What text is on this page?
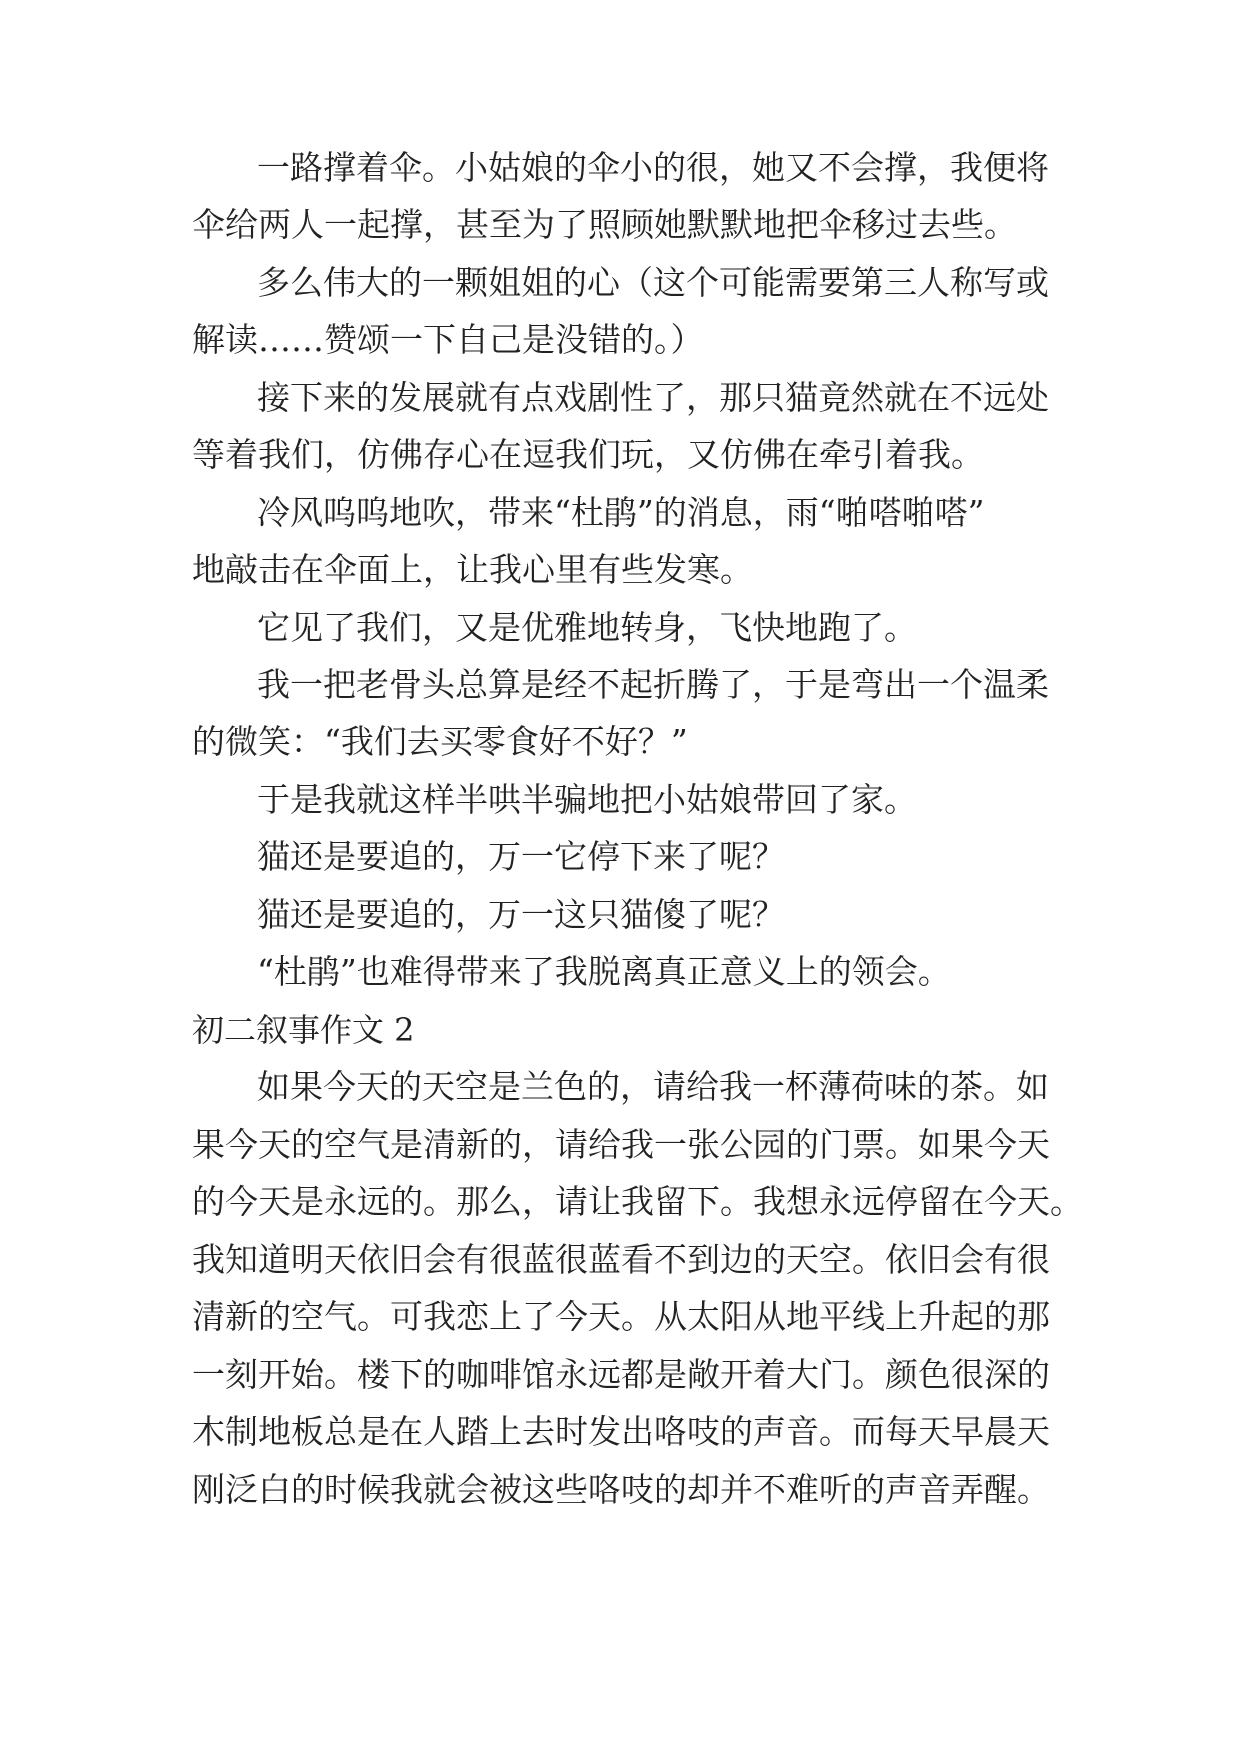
一路撑着伞。小姑娘的伞小的很，她又不会撑，我便将
伞给两人一起撑，甚至为了照顾她默默地把伞移过去些。
多么伟大的一颗姐姐的心（这个可能需要第三人称写或
解读……赞颂一下自己是没错的。）
接下来的发展就有点戏剧性了，那只猫竟然就在不远处
等着我们，仿佛存心在逗我们玩，又仿佛在牵引着我。
冷风呜呜地吹，带来“杜鹃”的消息，雨“啪嗒啪嗒”
地敲击在伞面上，让我心里有些发寒。
它见了我们，又是优雅地转身，飞快地跑了。
我一把老骨头总算是经不起折腾了，于是弯出一个温柔
的微笑：“我们去买零食好不好？”
于是我就这样半哄半骗地把小姑娘带回了家。
猫还是要追的，万一它停下来了呢？
猫还是要追的，万一这只猫傻了呢？
“杜鹃”也难得带来了我脱离真正意义上的领会。
初二叙事作文 2
如果今天的天空是兰色的，请给我一杯薄荷味的茶。如
果今天的空气是清新的，请给我一张公园的门票。如果今天
的今天是永远的。那么，请让我留下。我想永远停留在今天。
我知道明天依旧会有很蓝很蓝看不到边的天空。依旧会有很
清新的空气。可我恋上了今天。从太阳从地平线上升起的那
一刻开始。楼下的咖啡馆永远都是敞开着大门。颜色很深的
木制地板总是在人踏上去时发出咯吱的声音。而每天早晨天
刚泛白的时候我就会被这些咯吱的却并不难听的声音弄醒。
